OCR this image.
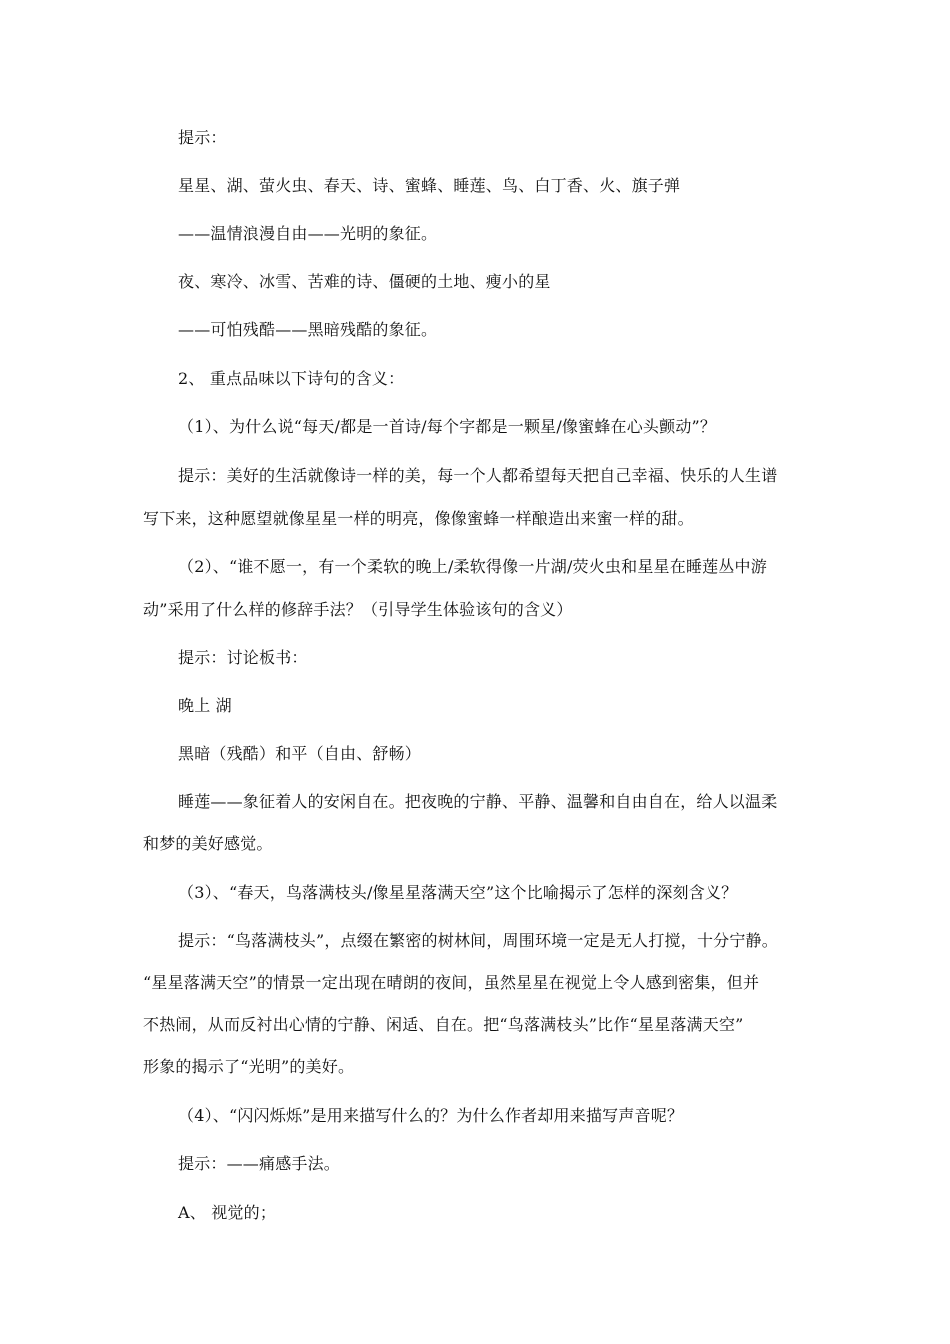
提示：
星星、湖、萤火虫、春天、诗、蜜蜂、睡莲、鸟、白丁香、火、旗子弹
——温情浪漫自由——光明的象征。
夜、寒冷、冰雪、苦难的诗、僵硬的土地、瘦小的星
——可怕残酷——黑暗残酷的象征。
2、 重点品味以下诗句的含义：
（1）、为什么说“每天/都是一首诗/每个字都是一颗星/像蜜蜂在心头颤动”？
提示：美好的生活就像诗一样的美，每一个人都希望每天把自己幸福、快乐的人生谱
写下来，这种愿望就像星星一样的明亮，像像蜜蜂一样酿造出来蜜一样的甜。
（2）、“谁不愿一，有一个柔软的晚上/柔软得像一片湖/荧火虫和星星在睡莲丛中游
动”采用了什么样的修辞手法？（引导学生体验该句的含义）
提示：讨论板书：
晚上 湖
黑暗（残酷）和平（自由、舒畅）
睡莲——象征着人的安闲自在。把夜晚的宁静、平静、温馨和自由自在，给人以温柔
和梦的美好感觉。
（3）、“春天，鸟落满枝头/像星星落满天空”这个比喻揭示了怎样的深刻含义？
提示：“鸟落满枝头”，点缀在繁密的树林间，周围环境一定是无人打搅，十分宁静。
“星星落满天空”的情景一定出现在晴朗的夜间，虽然星星在视觉上令人感到密集，但并
不热闹，从而反衬出心情的宁静、闲适、自在。把“鸟落满枝头”比作“星星落满天空”
形象的揭示了“光明”的美好。
（4）、“闪闪烁烁”是用来描写什么的？为什么作者却用来描写声音呢？
提示：——痛感手法。
A、 视觉的；
